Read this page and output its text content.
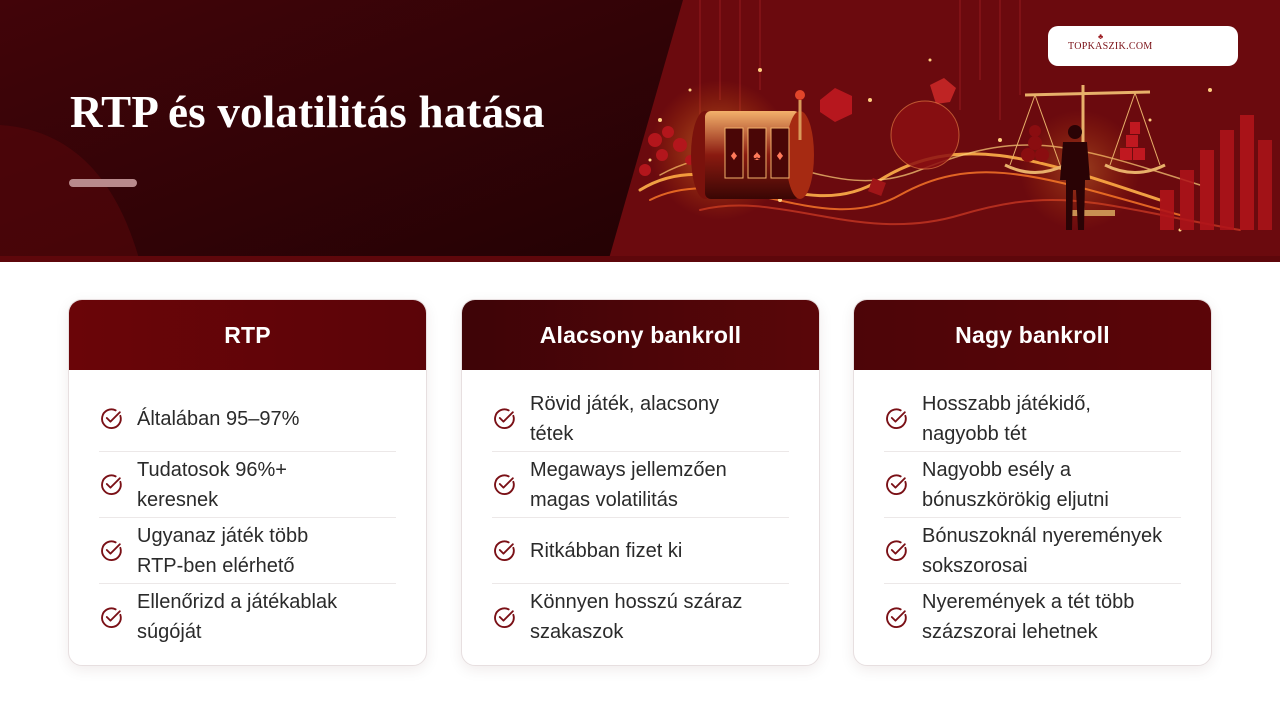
♦ ♠ ♦
RTP és volatilitás hatása
♣
TOPKASZIK.COM
RTP
Általában 95–97%
Tudatosok 96%+ keresnek
Ugyanaz játék több RTP-ben elérhető
Ellenőrizd a játékablak súgóját
Alacsony bankroll
Rövid játék, alacsony tétek
Megaways jellemzően magas volatilitás
Ritkábban fizet ki
Könnyen hosszú száraz szakaszok
Nagy bankroll
Hosszabb játékidő, nagyobb tét
Nagyobb esély a bónuszkörökig eljutni
Bónuszoknál nyeremények sokszorosai
Nyeremények a tét több százszorai lehetnek
